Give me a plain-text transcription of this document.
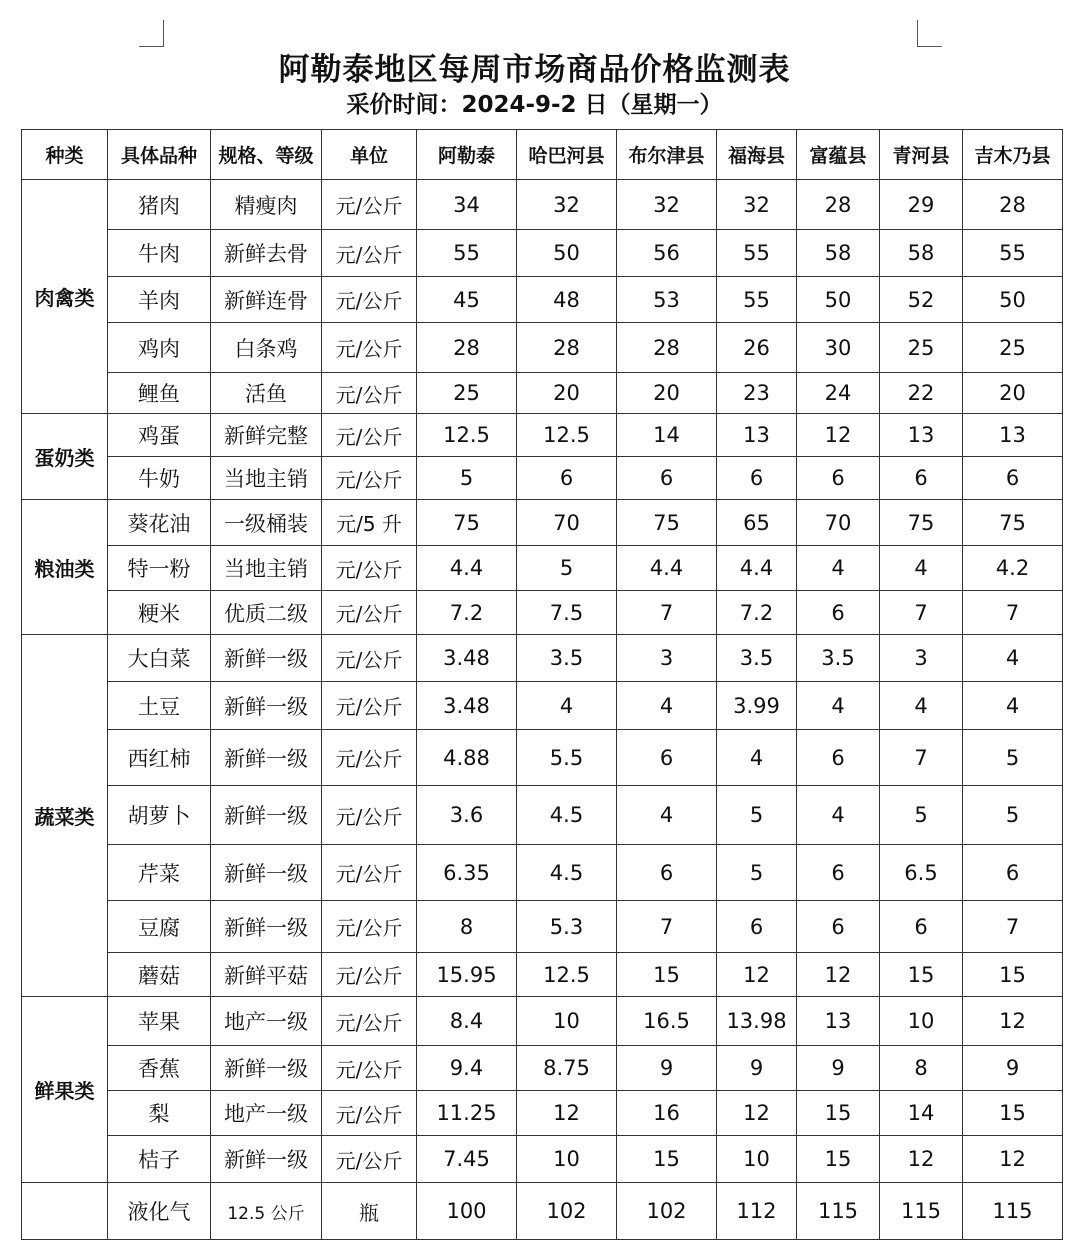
阿勒泰地区每周市场商品价格监测表
采价时间：2024-9-2 日（星期一）
种类	具体品种	规格、等级	单位	阿勒泰	哈巴河县	布尔津县	福海县	富蕴县	青河县	吉木乃县
肉禽类	猪肉	精瘦肉	元/公斤	34	32	32	32	28	29	28
	牛肉	新鲜去骨	元/公斤	55	50	56	55	58	58	55
	羊肉	新鲜连骨	元/公斤	45	48	53	55	50	52	50
	鸡肉	白条鸡	元/公斤	28	28	28	26	30	25	25
	鲤鱼	活鱼	元/公斤	25	20	20	23	24	22	20
蛋奶类	鸡蛋	新鲜完整	元/公斤	12.5	12.5	14	13	12	13	13
	牛奶	当地主销	元/公斤	5	6	6	6	6	6	6
粮油类	葵花油	一级桶装	元/5 升	75	70	75	65	70	75	75
	特一粉	当地主销	元/公斤	4.4	5	4.4	4.4	4	4	4.2
	粳米	优质二级	元/公斤	7.2	7.5	7	7.2	6	7	7
蔬菜类	大白菜	新鲜一级	元/公斤	3.48	3.5	3	3.5	3.5	3	4
	土豆	新鲜一级	元/公斤	3.48	4	4	3.99	4	4	4
	西红柿	新鲜一级	元/公斤	4.88	5.5	6	4	6	7	5
	胡萝卜	新鲜一级	元/公斤	3.6	4.5	4	5	4	5	5
	芹菜	新鲜一级	元/公斤	6.35	4.5	6	5	6	6.5	6
	豆腐	新鲜一级	元/公斤	8	5.3	7	6	6	6	7
	蘑菇	新鲜平菇	元/公斤	15.95	12.5	15	12	12	15	15
鲜果类	苹果	地产一级	元/公斤	8.4	10	16.5	13.98	13	10	12
	香蕉	新鲜一级	元/公斤	9.4	8.75	9	9	9	8	9
	梨	地产一级	元/公斤	11.25	12	16	12	15	14	15
	桔子	新鲜一级	元/公斤	7.45	10	15	10	15	12	12
	液化气	12.5 公斤	瓶	100	102	102	112	115	115	115
